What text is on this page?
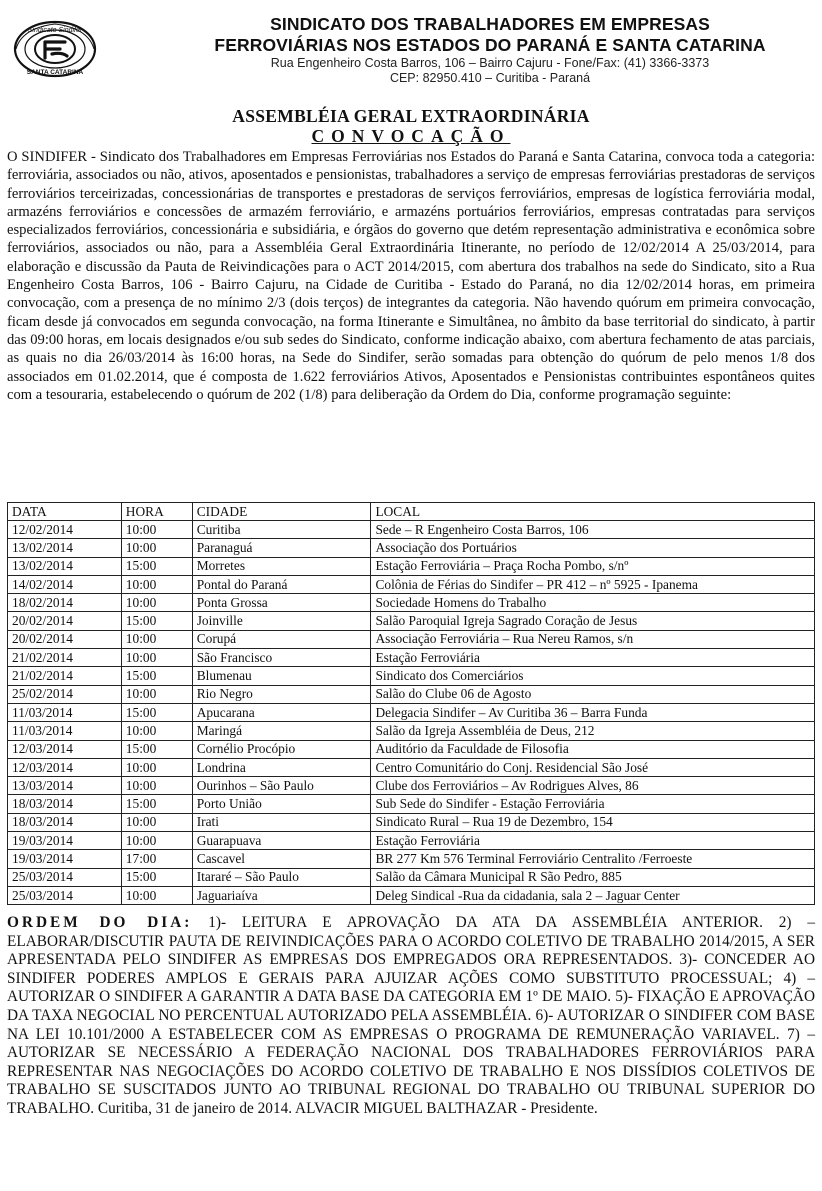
Sindicato Sindifer
SANTA CATARINA
SINDICATO DOS TRABALHADORES EM EMPRESAS
FERROVIÁRIAS NOS ESTADOS DO PARANÁ E SANTA CATARINA
Rua Engenheiro Costa Barros, 106 – Bairro Cajuru - Fone/Fax: (41) 3366-3373
CEP: 82950.410 – Curitiba - Paraná
ASSEMBLÉIA GERAL EXTRAORDINÁRIA
CONVOCAÇÃO
O SINDIFER - Sindicato dos Trabalhadores em Empresas Ferroviárias nos Estados do Paraná e Santa Catarina, convoca toda a categoria: ferroviária, associados ou não, ativos, aposentados e pensionistas, trabalhadores a serviço de empresas ferroviárias prestadoras de serviços ferroviários terceirizadas, concessionárias de transportes e prestadoras de serviços ferroviários, empresas de logística ferroviária modal, armazéns ferroviários e concessões de armazém ferroviário, e armazéns portuários ferroviários, empresas contratadas para serviços especializados ferroviários, concessionária e subsidiária, e órgãos do governo que detém representação administrativa e econômica sobre ferroviários, associados ou não, para a Assembléia Geral Extraordinária Itinerante, no período de 12/02/2014 A 25/03/2014, para elaboração e discussão da Pauta de Reivindicações para o ACT 2014/2015, com abertura dos trabalhos na sede do Sindicato, sito a Rua Engenheiro Costa Barros, 106 - Bairro Cajuru, na Cidade de Curitiba - Estado do Paraná, no dia 12/02/2014 horas, em primeira convocação, com a presença de no mínimo 2/3 (dois terços) de integrantes da categoria. Não havendo quórum em primeira convocação, ficam desde já convocados em segunda convocação, na forma Itinerante e Simultânea, no âmbito da base territorial do sindicato, à partir das 09:00 horas, em locais designados e/ou sub sedes do Sindicato, conforme indicação abaixo, com abertura fechamento de atas parciais, as quais no dia 26/03/2014 às 16:00 horas, na Sede do Sindifer, serão somadas para obtenção do quórum de pelo menos 1/8 dos associados em 01.02.2014, que é composta de 1.622 ferroviários Ativos, Aposentados e Pensionistas contribuintes espontâneos quites com a tesouraria, estabelecendo o quórum de 202 (1/8) para deliberação da Ordem do Dia, conforme programação seguinte:
DATA	HORA	CIDADE	LOCAL
12/02/2014	10:00	Curitiba	Sede – R Engenheiro Costa Barros, 106
13/02/2014	10:00	Paranaguá	Associação dos Portuários
13/02/2014	15:00	Morretes	Estação Ferroviária – Praça Rocha Pombo, s/nº
14/02/2014	10:00	Pontal do Paraná	Colônia de Férias do Sindifer – PR 412 – nº 5925 - Ipanema
18/02/2014	10:00	Ponta Grossa	Sociedade Homens do Trabalho
20/02/2014	15:00	Joinville	Salão Paroquial Igreja Sagrado Coração de Jesus
20/02/2014	10:00	Corupá	Associação Ferroviária – Rua Nereu Ramos, s/n
21/02/2014	10:00	São Francisco	Estação Ferroviária
21/02/2014	15:00	Blumenau	Sindicato dos Comerciários
25/02/2014	10:00	Rio Negro	Salão do Clube 06 de Agosto
11/03/2014	15:00	Apucarana	Delegacia Sindifer – Av Curitiba 36 – Barra Funda
11/03/2014	10:00	Maringá	Salão da Igreja Assembléia de Deus, 212
12/03/2014	15:00	Cornélio Procópio	Auditório da Faculdade de Filosofia
12/03/2014	10:00	Londrina	Centro Comunitário do Conj. Residencial São José
13/03/2014	10:00	Ourinhos – São Paulo	Clube dos Ferroviários – Av Rodrigues Alves, 86
18/03/2014	15:00	Porto União	Sub Sede do Sindifer - Estação Ferroviária
18/03/2014	10:00	Irati	Sindicato Rural – Rua 19 de Dezembro, 154
19/03/2014	10:00	Guarapuava	Estação Ferroviária
19/03/2014	17:00	Cascavel	BR 277 Km 576 Terminal Ferroviário Centralito /Ferroeste
25/03/2014	15:00	Itararé – São Paulo	Salão da Câmara Municipal R São Pedro, 885
25/03/2014	10:00	Jaguariaíva	Deleg Sindical -Rua da cidadania, sala 2 – Jaguar Center
ORDEM DO DIA: 1)- LEITURA E APROVAÇÃO DA ATA DA ASSEMBLÉIA ANTERIOR. 2) – ELABORAR/DISCUTIR PAUTA DE REIVINDICAÇÕES PARA O ACORDO COLETIVO DE TRABALHO 2014/2015, A SER APRESENTADA PELO SINDIFER AS EMPRESAS DOS EMPREGADOS ORA REPRESENTADOS. 3)- CONCEDER AO SINDIFER PODERES AMPLOS E GERAIS PARA AJUIZAR AÇÕES COMO SUBSTITUTO PROCESSUAL; 4) – AUTORIZAR O SINDIFER A GARANTIR A DATA BASE DA CATEGORIA EM 1º DE MAIO. 5)- FIXAÇÃO E APROVAÇÃO DA TAXA NEGOCIAL NO PERCENTUAL AUTORIZADO PELA ASSEMBLÉIA. 6)- AUTORIZAR O SINDIFER COM BASE NA LEI 10.101/2000 A ESTABELECER COM AS EMPRESAS O PROGRAMA DE REMUNERAÇÃO VARIAVEL. 7) – AUTORIZAR SE NECESSÁRIO A FEDERAÇÃO NACIONAL DOS TRABALHADORES FERROVIÁRIOS PARA REPRESENTAR NAS NEGOCIAÇÕES DO ACORDO COLETIVO DE TRABALHO E NOS DISSÍDIOS COLETIVOS DE TRABALHO SE SUSCITADOS JUNTO AO TRIBUNAL REGIONAL DO TRABALHO OU TRIBUNAL SUPERIOR DO TRABALHO. Curitiba, 31 de janeiro de 2014. ALVACIR MIGUEL BALTHAZAR - Presidente.
